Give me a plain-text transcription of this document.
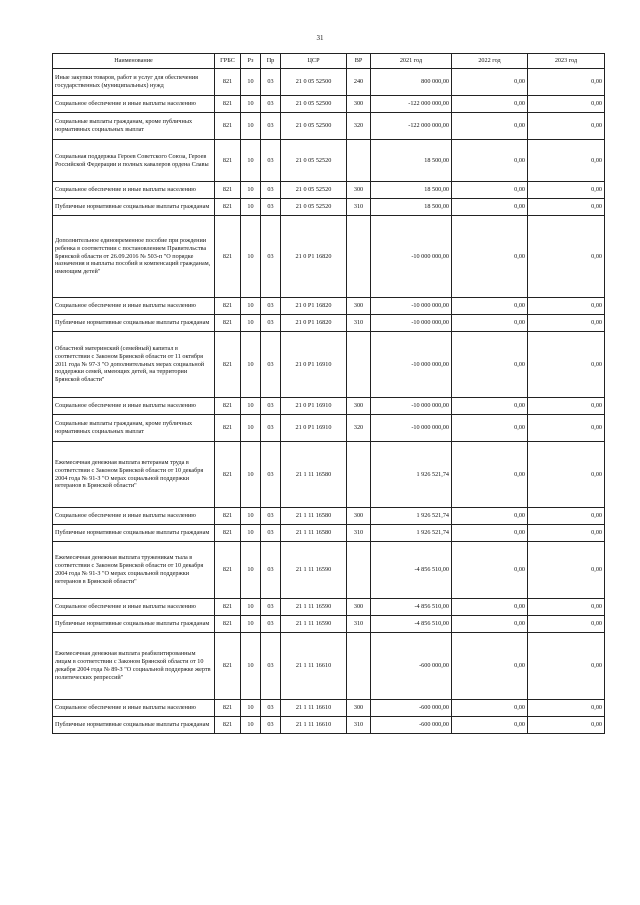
31
Наименование	ГРБС	Рз	Пр	ЦСР	ВР	2021 год	2022 год	2023 год
Иные закупки товаров, работ и услуг для обеспечения государственных (муниципальных) нужд	821	10	03	21 0 05 52500	240	800 000,00	0,00	0,00
Социальное обеспечение и иные выплаты населению	821	10	03	21 0 05 52500	300	-122 000 000,00	0,00	0,00
Социальные выплаты гражданам, кроме публичных нормативных социальных выплат	821	10	03	21 0 05 52500	320	-122 000 000,00	0,00	0,00
Социальная поддержка Героев Советского Союза, Героев Российской Федерации и полных кавалеров ордена Славы	821	10	03	21 0 05 52520		18 500,00	0,00	0,00
Социальное обеспечение и иные выплаты населению	821	10	03	21 0 05 52520	300	18 500,00	0,00	0,00
Публичные нормативные социальные выплаты гражданам	821	10	03	21 0 05 52520	310	18 500,00	0,00	0,00
Дополнительное единовременное пособие при рождении ребенка в соответствии с постановлением Правительства Брянской области от 26.09.2016 № 503-п "О порядке назначения и выплаты пособий и компенсаций гражданам, имеющим детей"	821	10	03	21 0 P1 16820		-10 000 000,00	0,00	0,00
Социальное обеспечение и иные выплаты населению	821	10	03	21 0 P1 16820	300	-10 000 000,00	0,00	0,00
Публичные нормативные социальные выплаты гражданам	821	10	03	21 0 P1 16820	310	-10 000 000,00	0,00	0,00
Областной материнский (семейный) капитал в соответствии с Законом Брянской области от 11 октября 2011 года № 97-З "О дополнительных мерах социальной поддержки семей, имеющих детей, на территории Брянской области"	821	10	03	21 0 P1 16910		-10 000 000,00	0,00	0,00
Социальное обеспечение и иные выплаты населению	821	10	03	21 0 P1 16910	300	-10 000 000,00	0,00	0,00
Социальные выплаты гражданам, кроме публичных нормативных социальных выплат	821	10	03	21 0 P1 16910	320	-10 000 000,00	0,00	0,00
Ежемесячная денежная выплата ветеранам труда в соответствии с Законом Брянской области от 10 декабря 2004 года № 91-З "О мерах социальной поддержки ветеранов в Брянской области"	821	10	03	21 1 11 16580		1 926 521,74	0,00	0,00
Социальное обеспечение и иные выплаты населению	821	10	03	21 1 11 16580	300	1 926 521,74	0,00	0,00
Публичные нормативные социальные выплаты гражданам	821	10	03	21 1 11 16580	310	1 926 521,74	0,00	0,00
Ежемесячная денежная выплата труженикам тыла в соответствии с Законом Брянской области от 10 декабря 2004 года № 91-З "О мерах социальной поддержки ветеранов в Брянской области"	821	10	03	21 1 11 16590		-4 856 510,00	0,00	0,00
Социальное обеспечение и иные выплаты населению	821	10	03	21 1 11 16590	300	-4 856 510,00	0,00	0,00
Публичные нормативные социальные выплаты гражданам	821	10	03	21 1 11 16590	310	-4 856 510,00	0,00	0,00
Ежемесячная денежная выплата реабилитированным лицам в соответствии с Законом Брянской области от 10 декабря 2004 года № 89-З "О социальной поддержке жертв политических репрессий"	821	10	03	21 1 11 16610		-600 000,00	0,00	0,00
Социальное обеспечение и иные выплаты населению	821	10	03	21 1 11 16610	300	-600 000,00	0,00	0,00
Публичные нормативные социальные выплаты гражданам	821	10	03	21 1 11 16610	310	-600 000,00	0,00	0,00
